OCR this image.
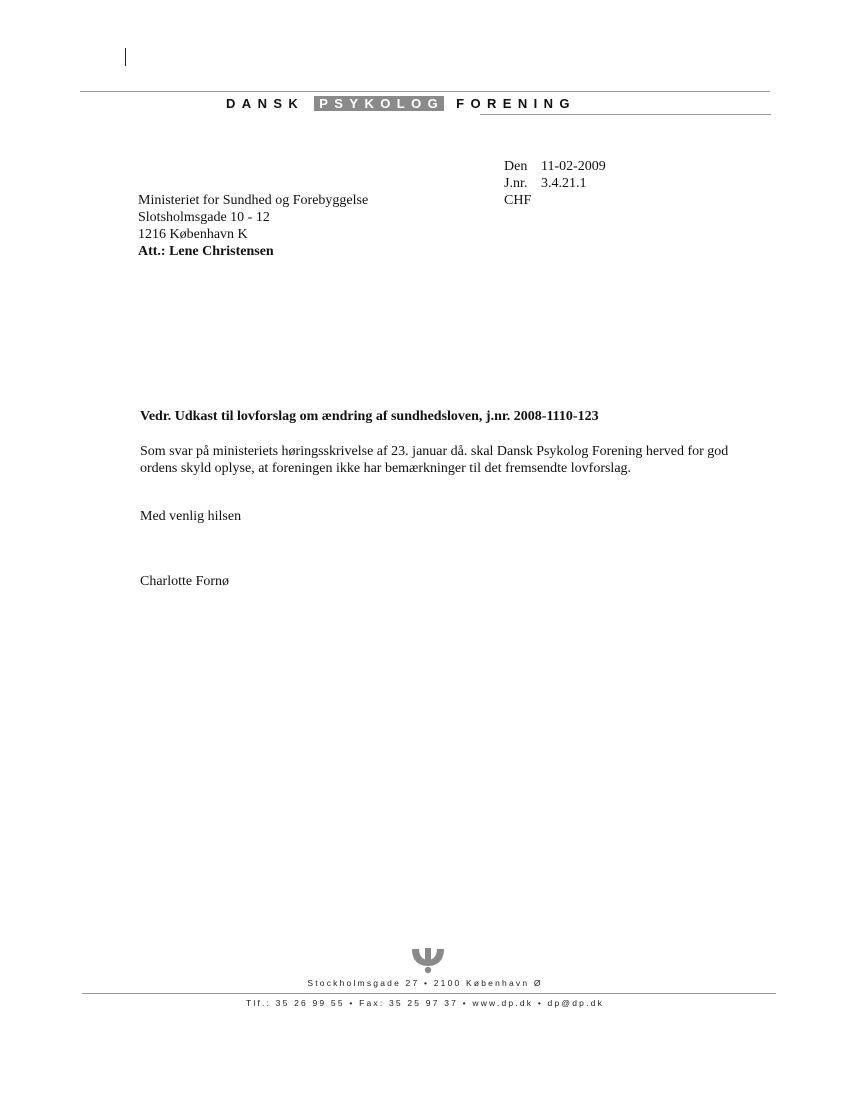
DANSK	PSYKOLOG FORENING
Den 11-02-2009
J.nr. 3.4.21.1
CHF
Ministeriet for Sundhed og Forebyggelse
Slotsholmsgade 10 - 12
1216 København K
Att.: Lene Christensen
Vedr. Udkast til lovforslag om ændring af sundhedsloven, j.nr. 2008-1110-123
Som svar på ministeriets høringsskrivelse af 23. januar då. skal Dansk Psykolog Forening herved for god ordens skyld oplyse, at foreningen ikke har bemærkninger til det fremsendte lovforslag.
Med venlig hilsen
Charlotte Fornø
Stockholmsgade 27 • 2100 København Ø
Tlf.: 35 26 99 55 • Fax: 35 25 97 37 • www.dp.dk • dp@dp.dk
